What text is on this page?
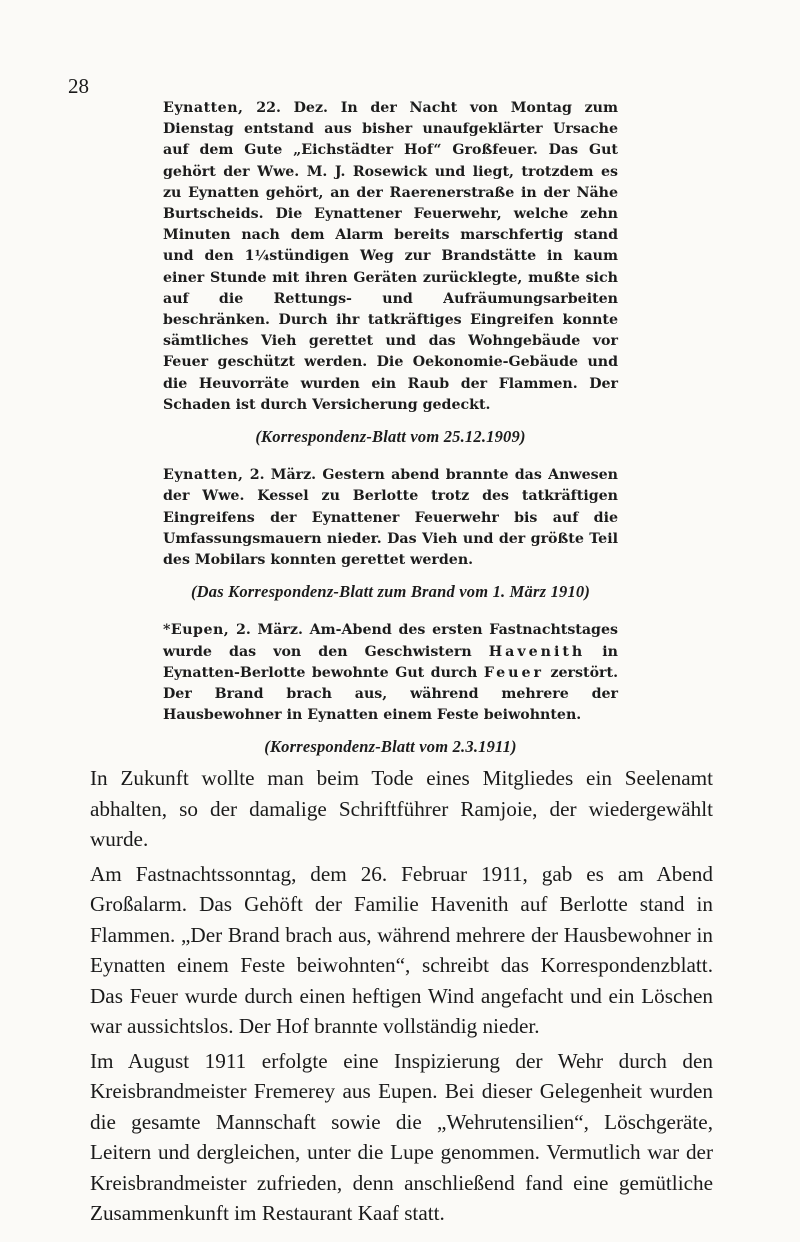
28

Eynatten, 22. Dez. In der Nacht von Montag zum Dienstag entstand aus bisher unaufgeklärter Ursache auf dem Gute „Eichstädter Hof“ Großfeuer. Das Gut gehört der Wwe. M. J. Rosewick und liegt, trotzdem es zu Eynatten gehört, an der Raerenerstraße in der Nähe Burtscheids. Die Eynattener Feuerwehr, welche zehn Minuten nach dem Alarm bereits marschfertig stand und den 1¼stündigen Weg zur Brandstätte in kaum einer Stunde mit ihren Geräten zurücklegte, mußte sich auf die Rettungs- und Aufräumungsarbeiten beschränken. Durch ihr tatkräftiges Eingreifen konnte sämtliches Vieh gerettet und das Wohngebäude vor Feuer geschützt werden. Die Oekonomie-Gebäude und die Heuvorräte wurden ein Raub der Flammen. Der Schaden ist durch Versicherung gedeckt.

(Korrespondenz-Blatt vom 25.12.1909)

Eynatten, 2. März. Gestern abend brannte das Anwesen der Wwe. Kessel zu Berlotte trotz des tatkräftigen Eingreifens der Eynattener Feuerwehr bis auf die Umfassungsmauern nieder. Das Vieh und der größte Teil des Mobilars konnten gerettet werden.

(Das Korrespondenz-Blatt zum Brand vom 1. März 1910)

*Eupen, 2. März. Am-Abend des ersten Fastnachtstages wurde das von den Geschwistern Havenith in Eynatten-Berlotte bewohnte Gut durch Feuer zerstört. Der Brand brach aus, während mehrere der Hausbewohner in Eynatten einem Feste beiwohnten.

(Korrespondenz-Blatt vom 2.3.1911)

In Zukunft wollte man beim Tode eines Mitgliedes ein Seelenamt abhalten, so der damalige Schriftführer Ramjoie, der wiedergewählt wurde.

Am Fastnachtssonntag, dem 26. Februar 1911, gab es am Abend Großalarm. Das Gehöft der Familie Havenith auf Berlotte stand in Flammen. „Der Brand brach aus, während mehrere der Hausbewohner in Eynatten einem Feste beiwohnten“, schreibt das Korrespondenzblatt. Das Feuer wurde durch einen heftigen Wind angefacht und ein Löschen war aussichtslos. Der Hof brannte vollständig nieder.

Im August 1911 erfolgte eine Inspizierung der Wehr durch den Kreisbrandmeister Fremerey aus Eupen. Bei dieser Gelegenheit wurden die gesamte Mannschaft sowie die „Wehrutensilien“, Löschgeräte, Leitern und dergleichen, unter die Lupe genommen. Vermutlich war der Kreisbrandmeister zufrieden, denn anschließend fand eine gemütliche Zusammenkunft im Restaurant Kaaf statt.
